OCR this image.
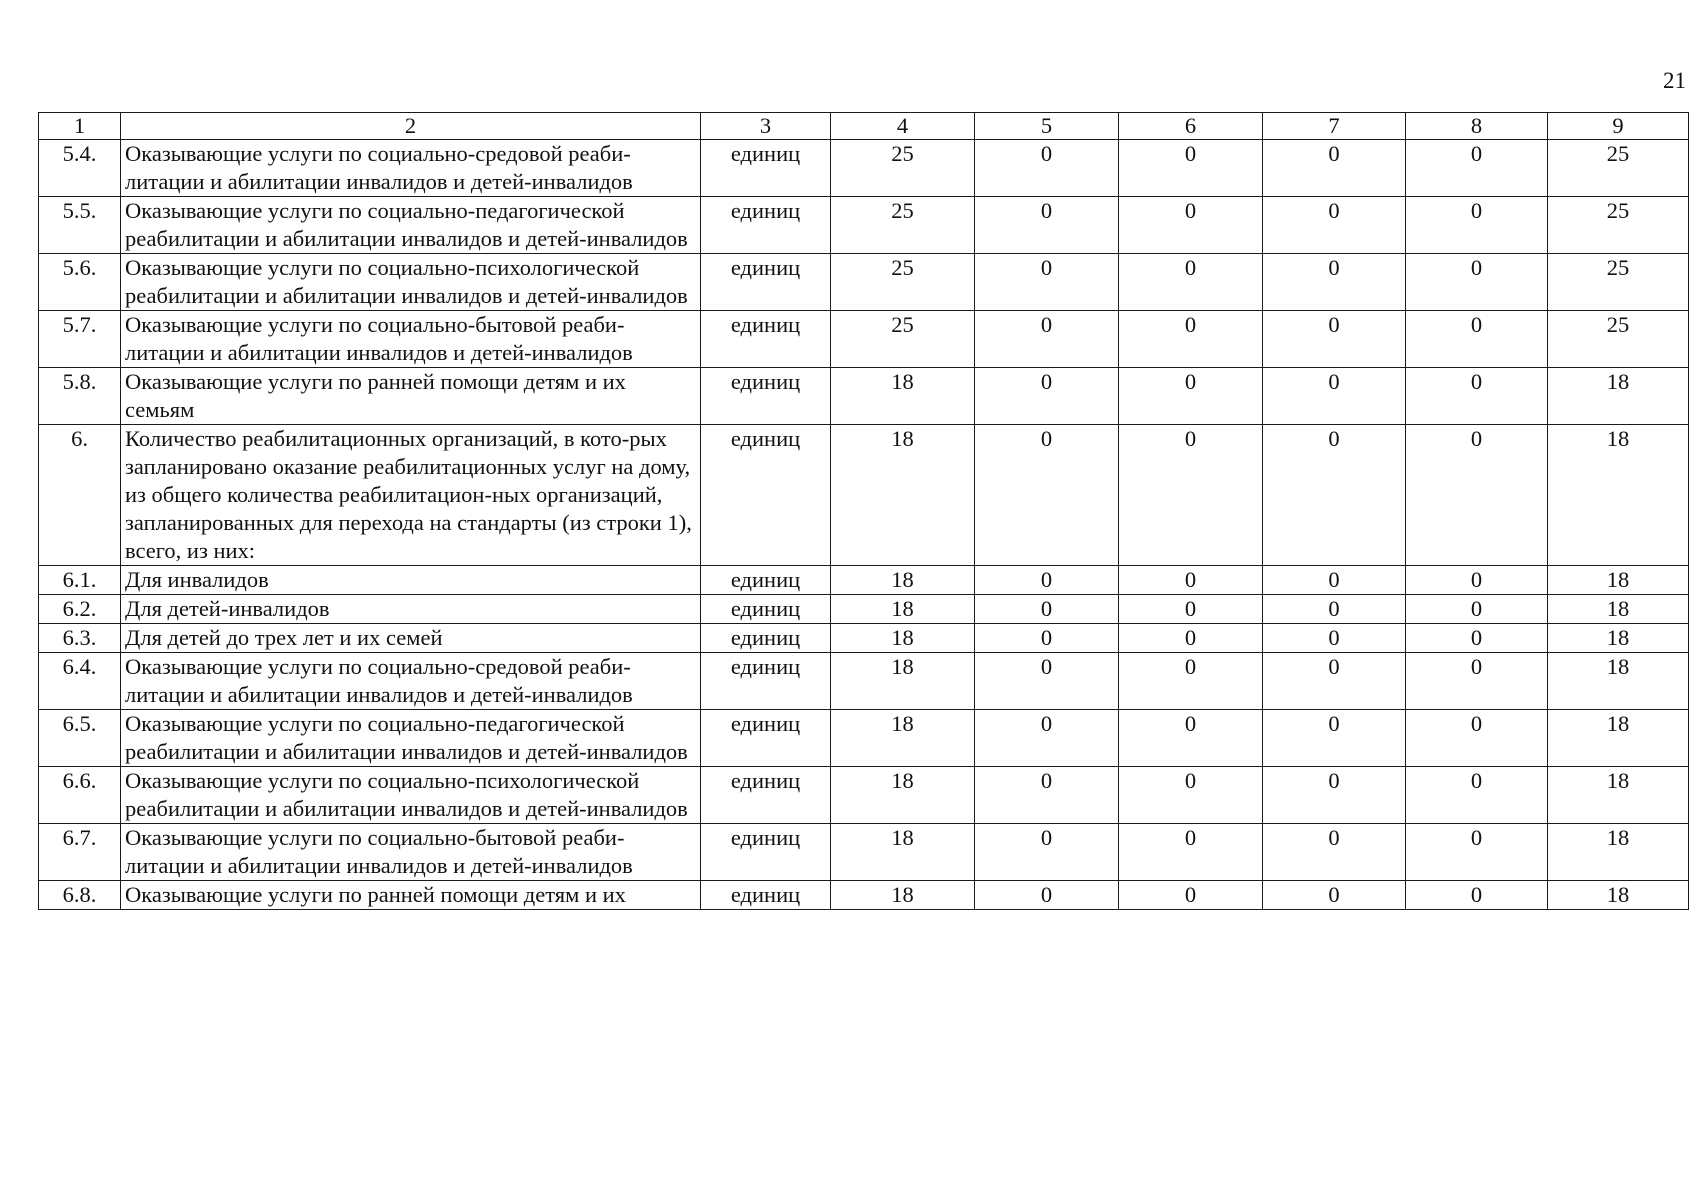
21
1	2	3	4	5	6	7	8	9
5.4.	Оказывающие услуги по социально-средовой реаби-литации и абилитации инвалидов и детей-инвалидов	единиц	25	0	0	0	0	25
5.5.	Оказывающие услуги по социально-педагогической реабилитации и абилитации инвалидов и детей-инвалидов	единиц	25	0	0	0	0	25
5.6.	Оказывающие услуги по социально-психологической реабилитации и абилитации инвалидов и детей-инвалидов	единиц	25	0	0	0	0	25
5.7.	Оказывающие услуги по социально-бытовой реаби-литации и абилитации инвалидов и детей-инвалидов	единиц	25	0	0	0	0	25
5.8.	Оказывающие услуги по ранней помощи детям и их семьям	единиц	18	0	0	0	0	18
6.	Количество реабилитационных организаций, в кото-рых запланировано оказание реабилитационных услуг на дому, из общего количества реабилитацион-ных организаций, запланированных для перехода на стандарты (из строки 1), всего, из них:	единиц	18	0	0	0	0	18
6.1.	Для инвалидов	единиц	18	0	0	0	0	18
6.2.	Для детей-инвалидов	единиц	18	0	0	0	0	18
6.3.	Для детей до трех лет и их семей	единиц	18	0	0	0	0	18
6.4.	Оказывающие услуги по социально-средовой реаби-литации и абилитации инвалидов и детей-инвалидов	единиц	18	0	0	0	0	18
6.5.	Оказывающие услуги по социально-педагогической реабилитации и абилитации инвалидов и детей-инвалидов	единиц	18	0	0	0	0	18
6.6.	Оказывающие услуги по социально-психологической реабилитации и абилитации инвалидов и детей-инвалидов	единиц	18	0	0	0	0	18
6.7.	Оказывающие услуги по социально-бытовой реаби-литации и абилитации инвалидов и детей-инвалидов	единиц	18	0	0	0	0	18
6.8.	Оказывающие услуги по ранней помощи детям и их	единиц	18	0	0	0	0	18
